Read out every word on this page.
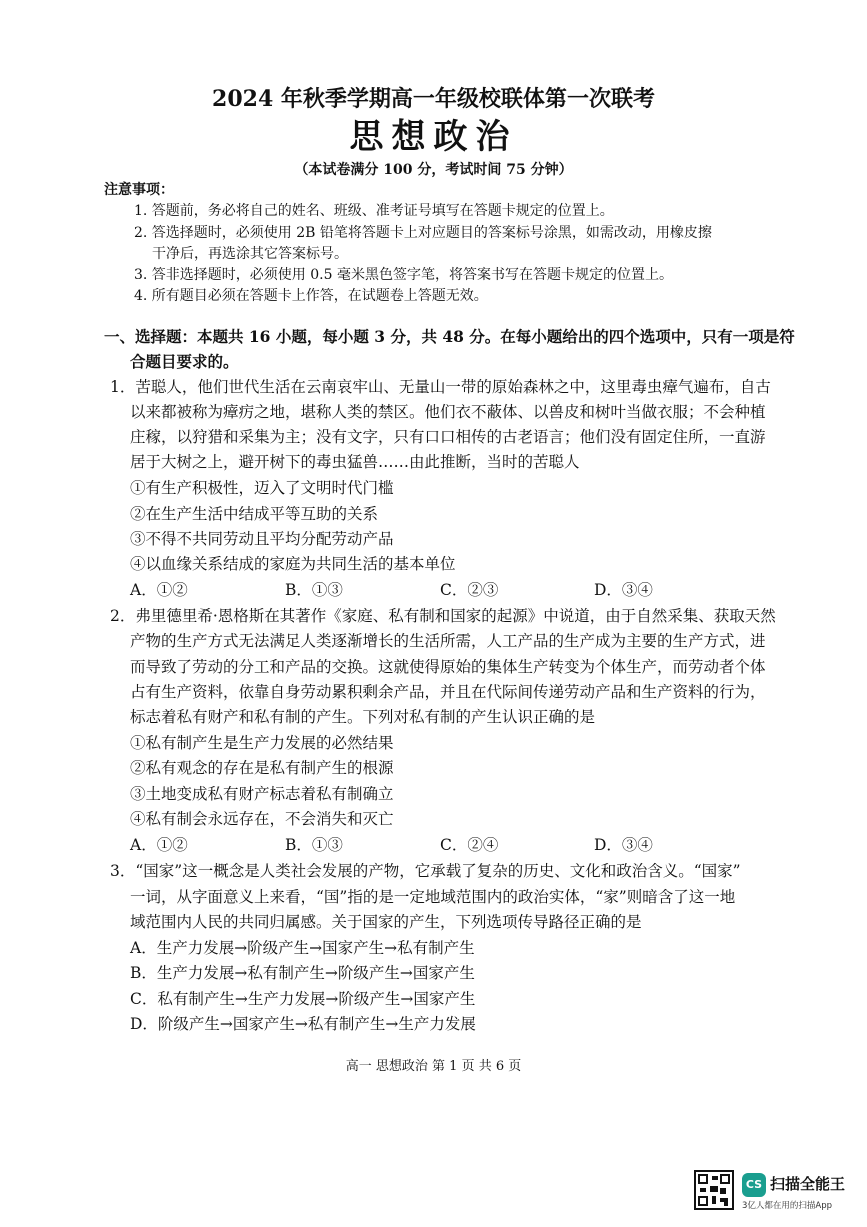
2024 年秋季学期高一年级校联体第一次联考
思想政治
（本试卷满分 100 分，考试时间 75 分钟）
注意事项：
1. 答题前，务必将自己的姓名、班级、准考证号填写在答题卡规定的位置上。
2. 答选择题时，必须使用 2B 铅笔将答题卡上对应题目的答案标号涂黑，如需改动，用橡皮擦
干净后，再选涂其它答案标号。
3. 答非选择题时，必须使用 0.5 毫米黑色签字笔，将答案书写在答题卡规定的位置上。
4. 所有题目必须在答题卡上作答，在试题卷上答题无效。
一、选择题：本题共 16 小题，每小题 3 分，共 48 分。在每小题给出的四个选项中，只有一项是符
合题目要求的。
1．苦聪人，他们世代生活在云南哀牢山、无量山一带的原始森林之中，这里毒虫瘴气遍布，自古
以来都被称为瘴疠之地，堪称人类的禁区。他们衣不蔽体、以兽皮和树叶当做衣服；不会种植
庄稼，以狩猎和采集为主；没有文字，只有口口相传的古老语言；他们没有固定住所，一直游
居于大树之上，避开树下的毒虫猛兽……由此推断，当时的苦聪人
①有生产积极性，迈入了文明时代门槛
②在生产生活中结成平等互助的关系
③不得不共同劳动且平均分配劳动产品
④以血缘关系结成的家庭为共同生活的基本单位
A．①②	B．①③	C．②③	D．③④
2．弗里德里希·恩格斯在其著作《家庭、私有制和国家的起源》中说道，由于自然采集、获取天然
产物的生产方式无法满足人类逐渐增长的生活所需，人工产品的生产成为主要的生产方式，进
而导致了劳动的分工和产品的交换。这就使得原始的集体生产转变为个体生产，而劳动者个体
占有生产资料，依靠自身劳动累积剩余产品，并且在代际间传递劳动产品和生产资料的行为，
标志着私有财产和私有制的产生。下列对私有制的产生认识正确的是
①私有制产生是生产力发展的必然结果
②私有观念的存在是私有制产生的根源
③土地变成私有财产标志着私有制确立
④私有制会永远存在，不会消失和灭亡
A．①②	B．①③	C．②④	D．③④
3．“国家”这一概念是人类社会发展的产物，它承载了复杂的历史、文化和政治含义。“国家”
一词，从字面意义上来看，“国”指的是一定地域范围内的政治实体，“家”则暗含了这一地
域范围内人民的共同归属感。关于国家的产生，下列选项传导路径正确的是
A．生产力发展→阶级产生→国家产生→私有制产生
B．生产力发展→私有制产生→阶级产生→国家产生
C．私有制产生→生产力发展→阶级产生→国家产生
D．阶级产生→国家产生→私有制产生→生产力发展
高一 思想政治 第 1 页 共 6 页
CS 扫描全能王
3亿人都在用的扫描App
